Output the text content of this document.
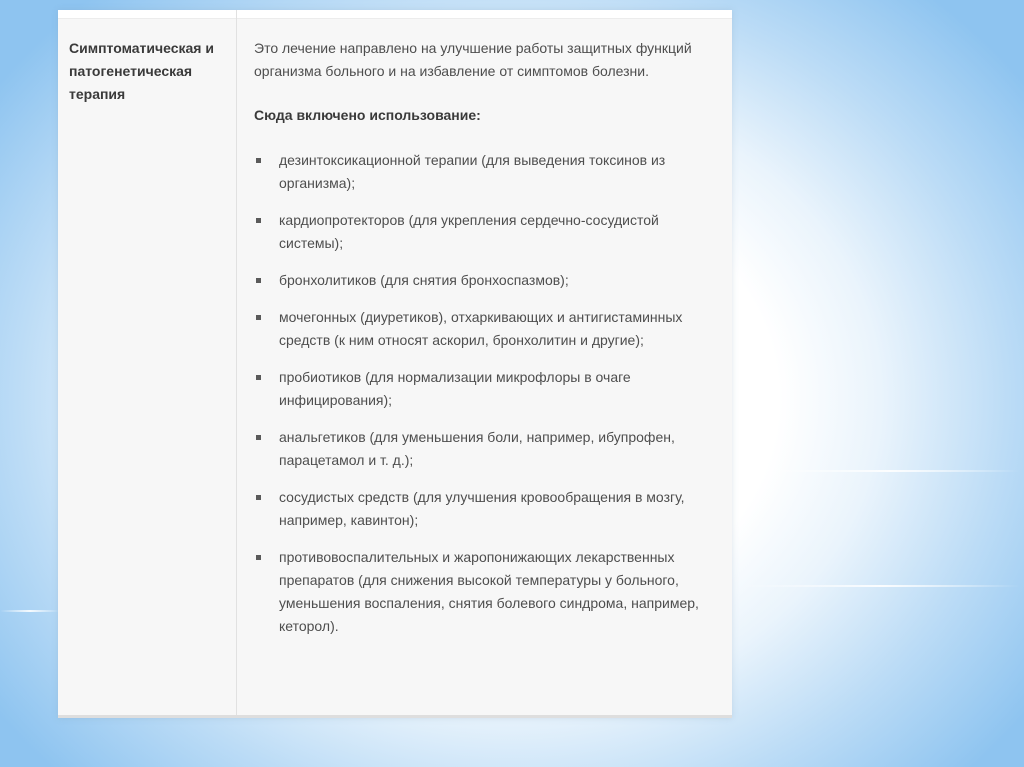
Симптоматическая и патогенетическая терапия

Это лечение направлено на улучшение работы защитных функций организма больного и на избавление от симптомов болезни.

Сюда включено использование:

дезинтоксикационной терапии (для выведения токсинов из организма);
кардиопротекторов (для укрепления сердечно-сосудистой системы);
бронхолитиков (для снятия бронхоспазмов);
мочегонных (диуретиков), отхаркивающих и антигистаминных средств (к ним относят аскорил, бронхолитин и другие);
пробиотиков (для нормализации микрофлоры в очаге инфицирования);
анальгетиков (для уменьшения боли, например, ибупрофен, парацетамол и т. д.);
сосудистых средств (для улучшения кровообращения в мозгу, например, кавинтон);
противовоспалительных и жаропонижающих лекарственных препаратов (для снижения высокой температуры у больного, уменьшения воспаления, снятия болевого синдрома, например, кеторол).
